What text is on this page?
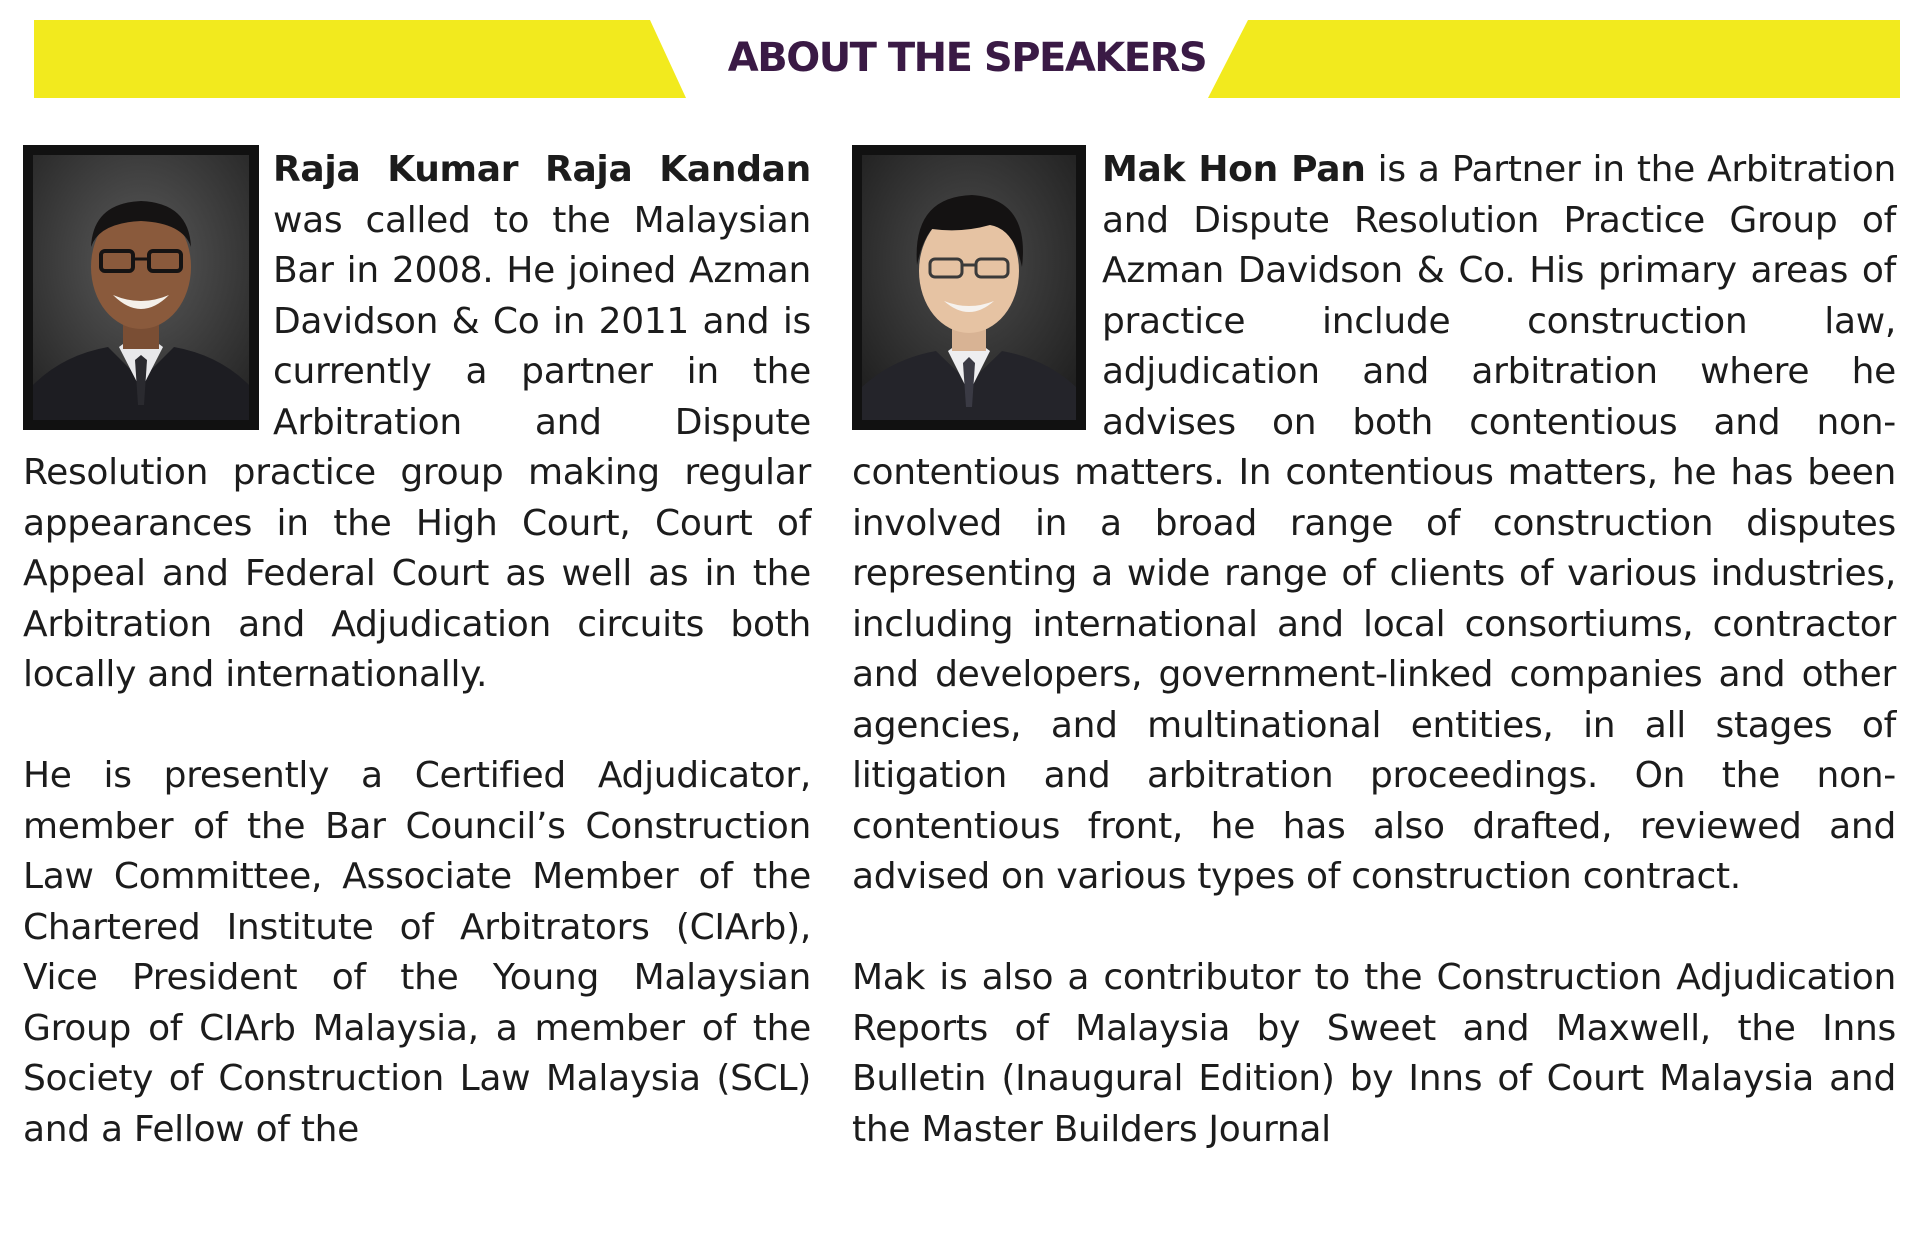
ABOUT THE SPEAKERS

Raja Kumar Raja Kandan was called to the Malaysian Bar in 2008. He joined Azman Davidson & Co in 2011 and is currently a partner in the Arbitration and Dispute Resolution practice group making regular appearances in the High Court, Court of Appeal and Federal Court as well as in the Arbitration and Adjudication circuits both locally and internationally.

He is presently a Certified Adjudicator, member of the Bar Council’s Construction Law Committee, Associate Member of the Chartered Institute of Arbitrators (CIArb), Vice President of the Young Malaysian Group of CIArb Malaysia, a member of the Society of Construction Law Malaysia (SCL) and a Fellow of the

Mak Hon Pan is a Partner in the Arbitration and Dispute Resolution Practice Group of Azman Davidson & Co. His primary areas of practice include construction law, adjudication and arbitration where he advises on both contentious and non-contentious matters. In contentious matters, he has been involved in a broad range of construction disputes representing a wide range of clients of various industries, including international and local consortiums, contractor and developers, government-linked companies and other agencies, and multinational entities, in all stages of litigation and arbitration proceedings. On the non-contentious front, he has also drafted, reviewed and advised on various types of construction contract.

Mak is also a contributor to the Construction Adjudication Reports of Malaysia by Sweet and Maxwell, the Inns Bulletin (Inaugural Edition) by Inns of Court Malaysia and the Master Builders Journal
